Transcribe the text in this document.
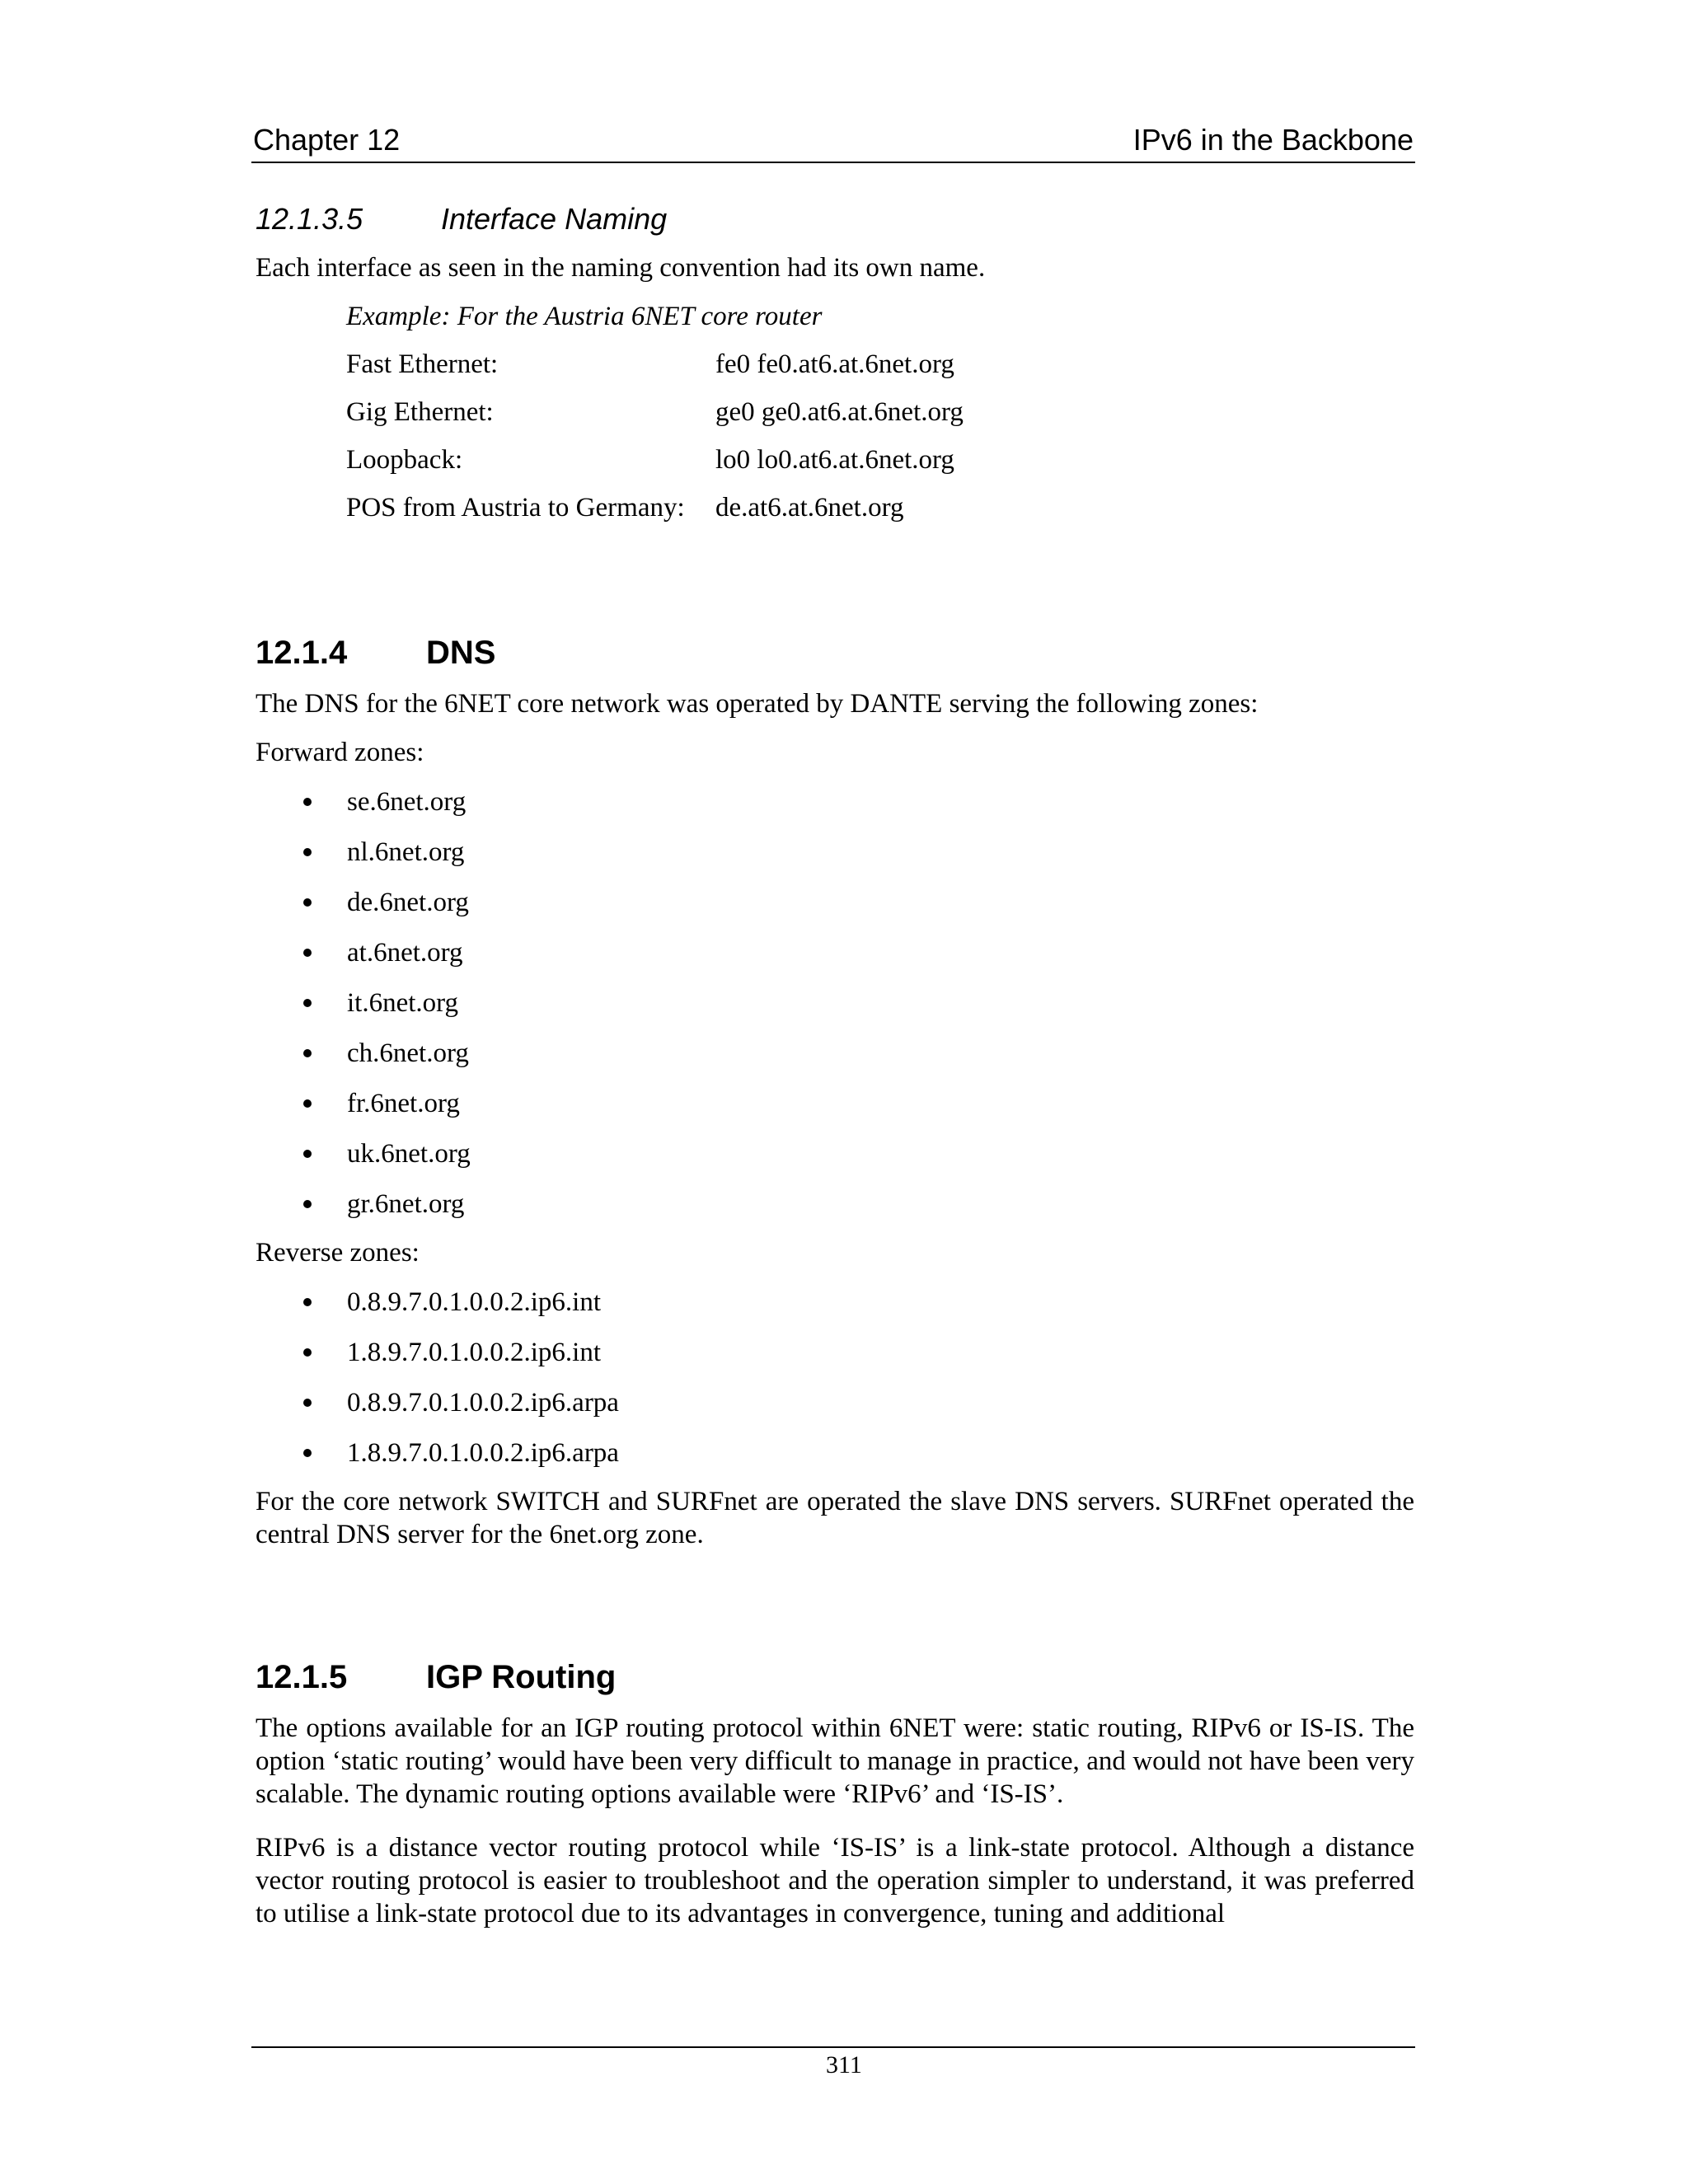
Chapter 12	IPv6 in the Backbone
12.1.3.5	Interface Naming
Each interface as seen in the naming convention had its own name.
Example: For the Austria 6NET core router
Fast Ethernet:	fe0 fe0.at6.at.6net.org
Gig Ethernet:	ge0 ge0.at6.at.6net.org
Loopback:	lo0 lo0.at6.at.6net.org
POS from Austria to Germany: de.at6.at.6net.org
12.1.4 DNS
The DNS for the 6NET core network was operated by DANTE serving the following zones:
Forward zones:
se.6net.org
nl.6net.org
de.6net.org
at.6net.org
it.6net.org
ch.6net.org
fr.6net.org
uk.6net.org
gr.6net.org
Reverse zones:
0.8.9.7.0.1.0.0.2.ip6.int
1.8.9.7.0.1.0.0.2.ip6.int
0.8.9.7.0.1.0.0.2.ip6.arpa
1.8.9.7.0.1.0.0.2.ip6.arpa
For the core network SWITCH and SURFnet are operated the slave DNS servers. SURFnet operated the central DNS server for the 6net.org zone.
12.1.5 IGP Routing
The options available for an IGP routing protocol within 6NET were: static routing, RIPv6 or IS-IS. The option ‘static routing’ would have been very difficult to manage in practice, and would not have been very scalable. The dynamic routing options available were ‘RIPv6’ and ‘IS-IS’.
RIPv6 is a distance vector routing protocol while ‘IS-IS’ is a link-state protocol. Although a distance vector routing protocol is easier to troubleshoot and the operation simpler to understand, it was preferred to utilise a link-state protocol due to its advantages in convergence, tuning and additional
311
